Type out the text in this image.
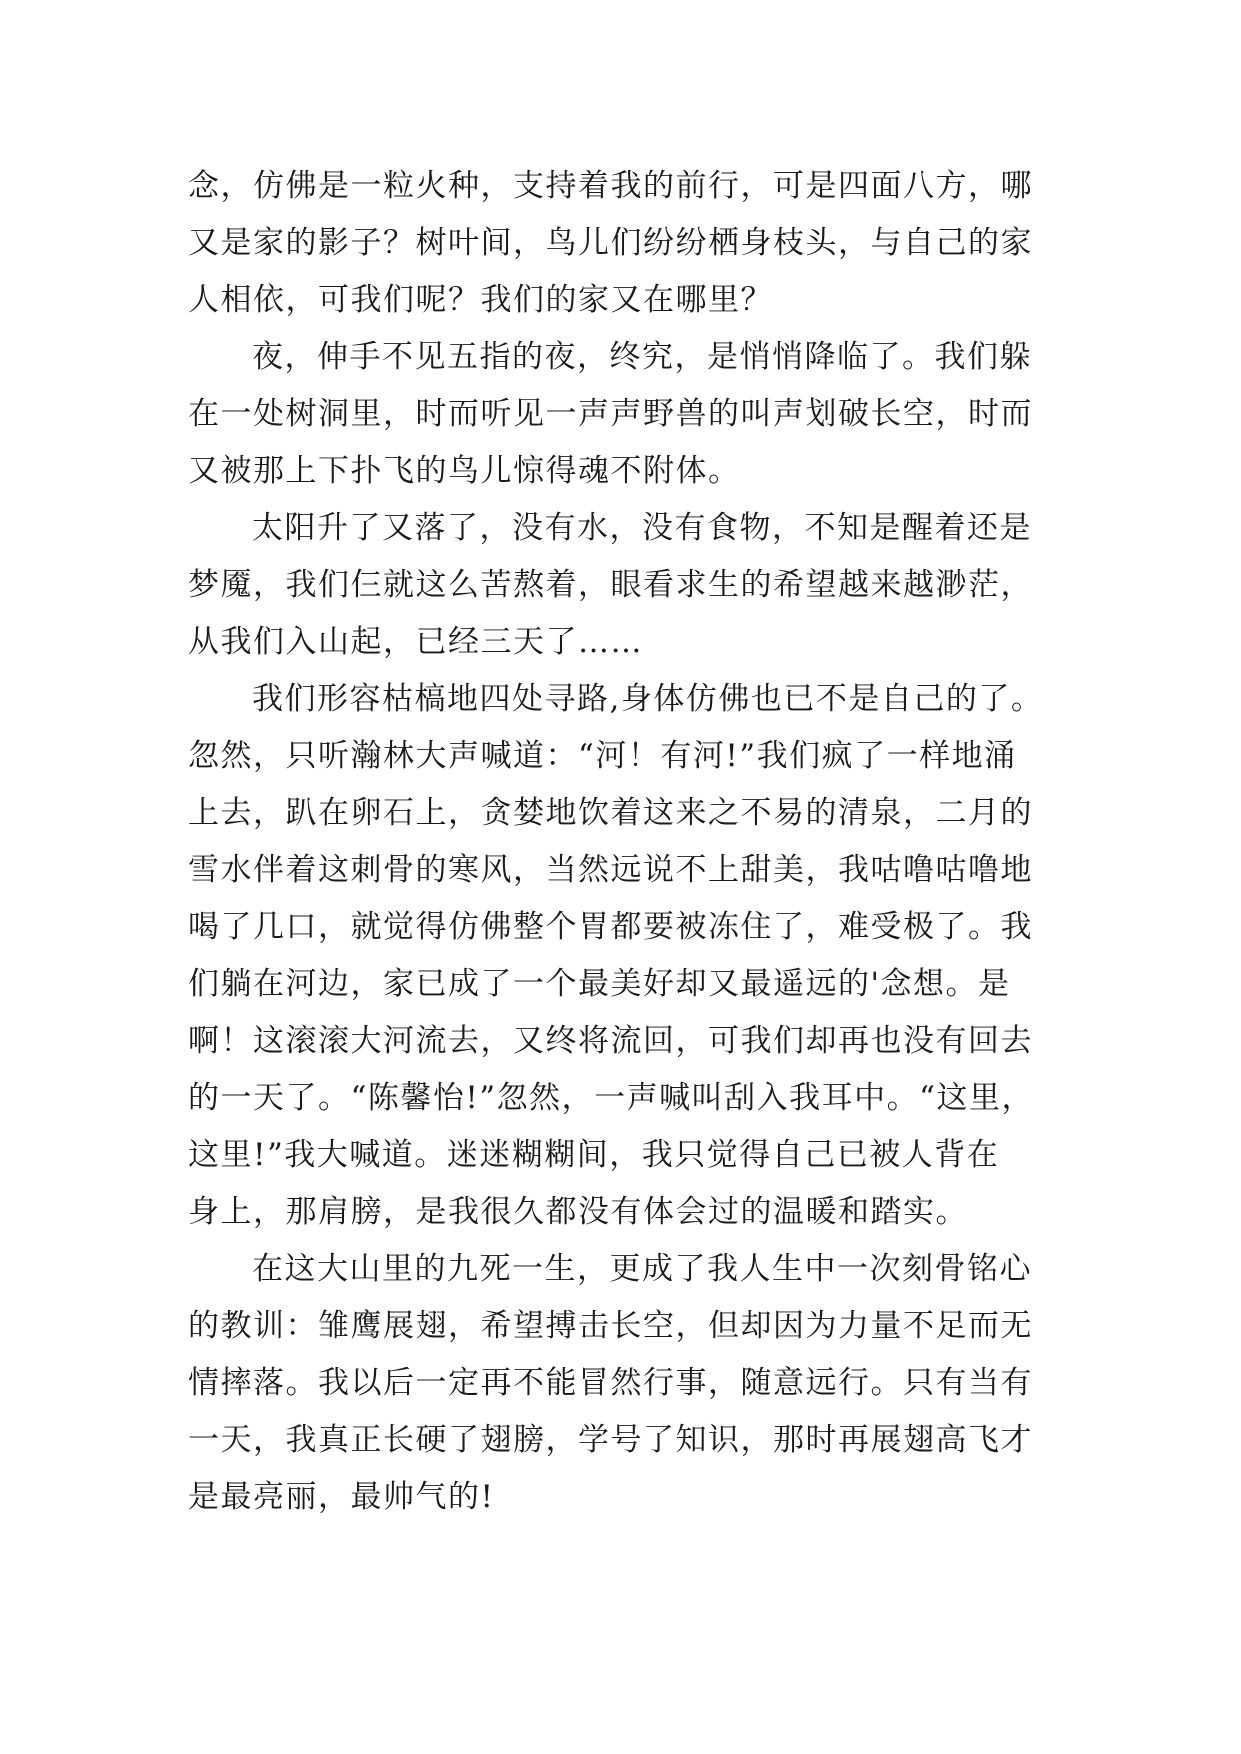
念，仿佛是一粒火种，支持着我的前行，可是四面八方，哪
又是家的影子？树叶间，鸟儿们纷纷栖身枝头，与自己的家
人相依，可我们呢？我们的家又在哪里？
夜，伸手不见五指的夜，终究，是悄悄降临了。我们躲
在一处树洞里，时而听见一声声野兽的叫声划破长空，时而
又被那上下扑飞的鸟儿惊得魂不附体。
太阳升了又落了，没有水，没有食物，不知是醒着还是
梦魇，我们仨就这么苦熬着，眼看求生的希望越来越渺茫，
从我们入山起，已经三天了……
我们形容枯槁地四处寻路,身体仿佛也已不是自己的了。
忽然，只听瀚林大声喊道：“河！有河!”我们疯了一样地涌
上去，趴在卵石上，贪婪地饮着这来之不易的清泉，二月的
雪水伴着这刺骨的寒风，当然远说不上甜美，我咕噜咕噜地
喝了几口，就觉得仿佛整个胃都要被冻住了，难受极了。我
们躺在河边，家已成了一个最美好却又最遥远的'念想。是
啊！这滚滚大河流去，又终将流回，可我们却再也没有回去
的一天了。“陈馨怡!”忽然，一声喊叫刮入我耳中。“这里，
这里!”我大喊道。迷迷糊糊间，我只觉得自己已被人背在
身上，那肩膀，是我很久都没有体会过的温暖和踏实。
在这大山里的九死一生，更成了我人生中一次刻骨铭心
的教训：雏鹰展翅，希望搏击长空，但却因为力量不足而无
情摔落。我以后一定再不能冒然行事，随意远行。只有当有
一天，我真正长硬了翅膀，学号了知识，那时再展翅高飞才
是最亮丽，最帅气的!
